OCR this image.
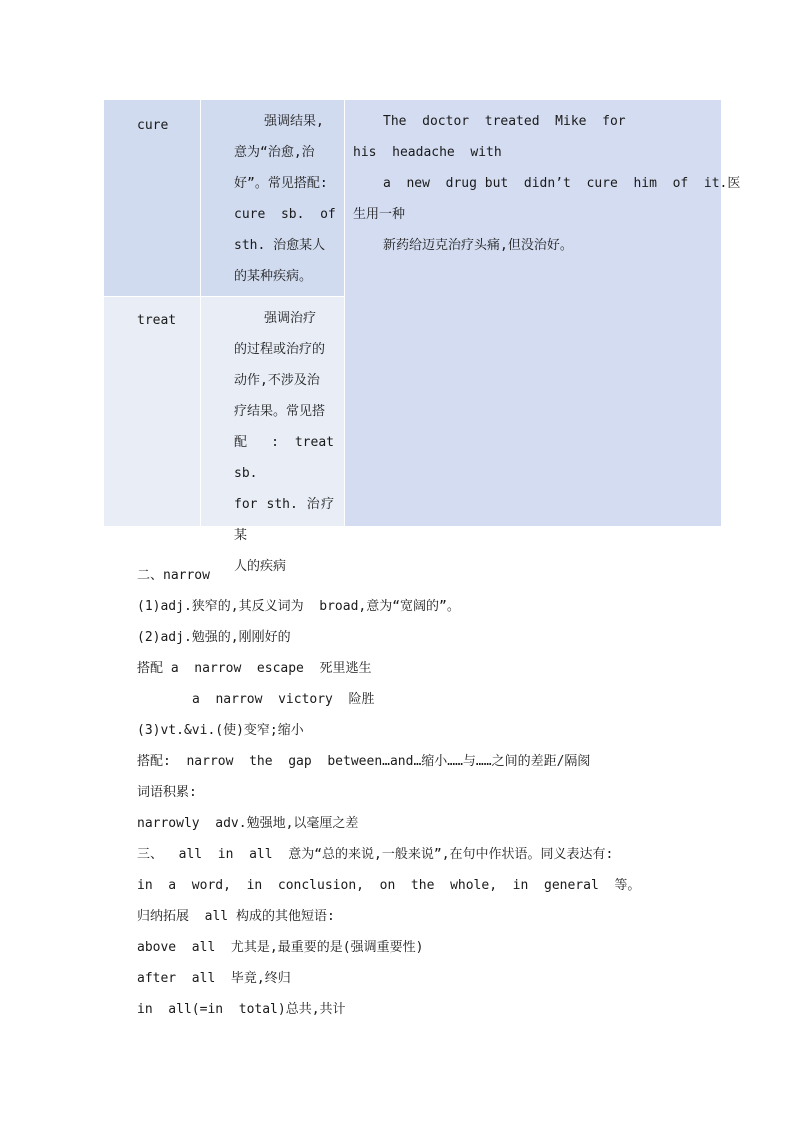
cure	强调结果,
意为“治愈,治
好”。常见搭配:
cure  sb.  of
sth. 治愈某人
的某种疾病。
treat	强调治疗
的过程或治疗的
动作,不涉及治
疗结果。常见搭
配 : treat sb.
for sth. 治疗某
人的疾病
The  doctor  treated  Mike  for
his  headache  with
a  new  drug but  didn’t  cure  him  of  it.医
生用一种
新药给迈克治疗头痛,但没治好。
二、narrow
(1)adj.狭窄的,其反义词为  broad,意为“宽阔的”。
(2)adj.勉强的,刚刚好的
搭配 a  narrow  escape  死里逃生
a  narrow  victory  险胜
(3)vt.&vi.(使)变窄;缩小
搭配:  narrow  the  gap  between…and…缩小……与……之间的差距/隔阂
词语积累:
narrowly  adv.勉强地,以毫厘之差
三、  all  in  all  意为“总的来说,一般来说”,在句中作状语。同义表达有:
in  a  word,  in  conclusion,  on  the  whole,  in  general  等。
归纳拓展  all 构成的其他短语:
above  all  尤其是,最重要的是(强调重要性)
after  all  毕竟,终归
in  all(=in  total)总共,共计
